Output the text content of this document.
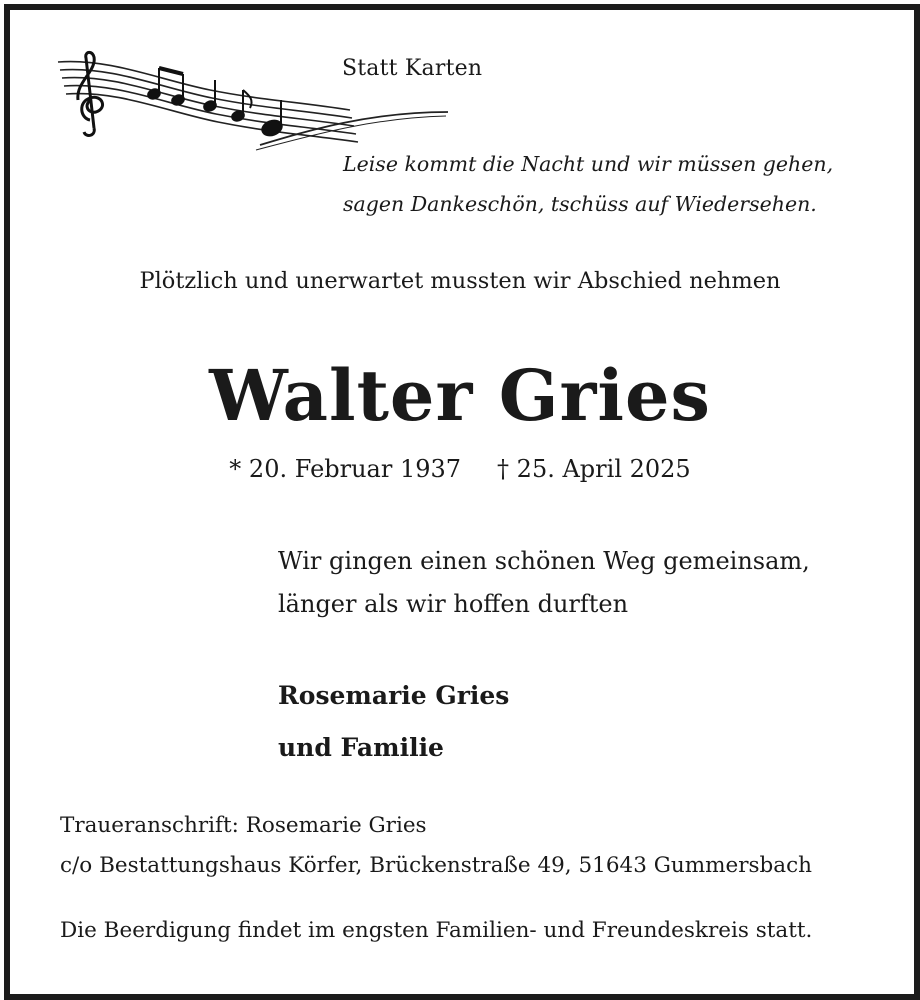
Statt Karten
Leise kommt die Nacht und wir müssen gehen,
sagen Dankeschön, tschüss auf Wiedersehen.
Plötzlich und unerwartet mussten wir Abschied nehmen
Walter Gries
* 20. Februar 1937 † 25. April 2025
Wir gingen einen schönen Weg gemeinsam,
länger als wir hoffen durften
Rosemarie Gries
und Familie
Traueranschrift: Rosemarie Gries
c/o Bestattungshaus Körfer, Brückenstraße 49, 51643 Gummersbach
Die Beerdigung findet im engsten Familien- und Freundeskreis statt.
